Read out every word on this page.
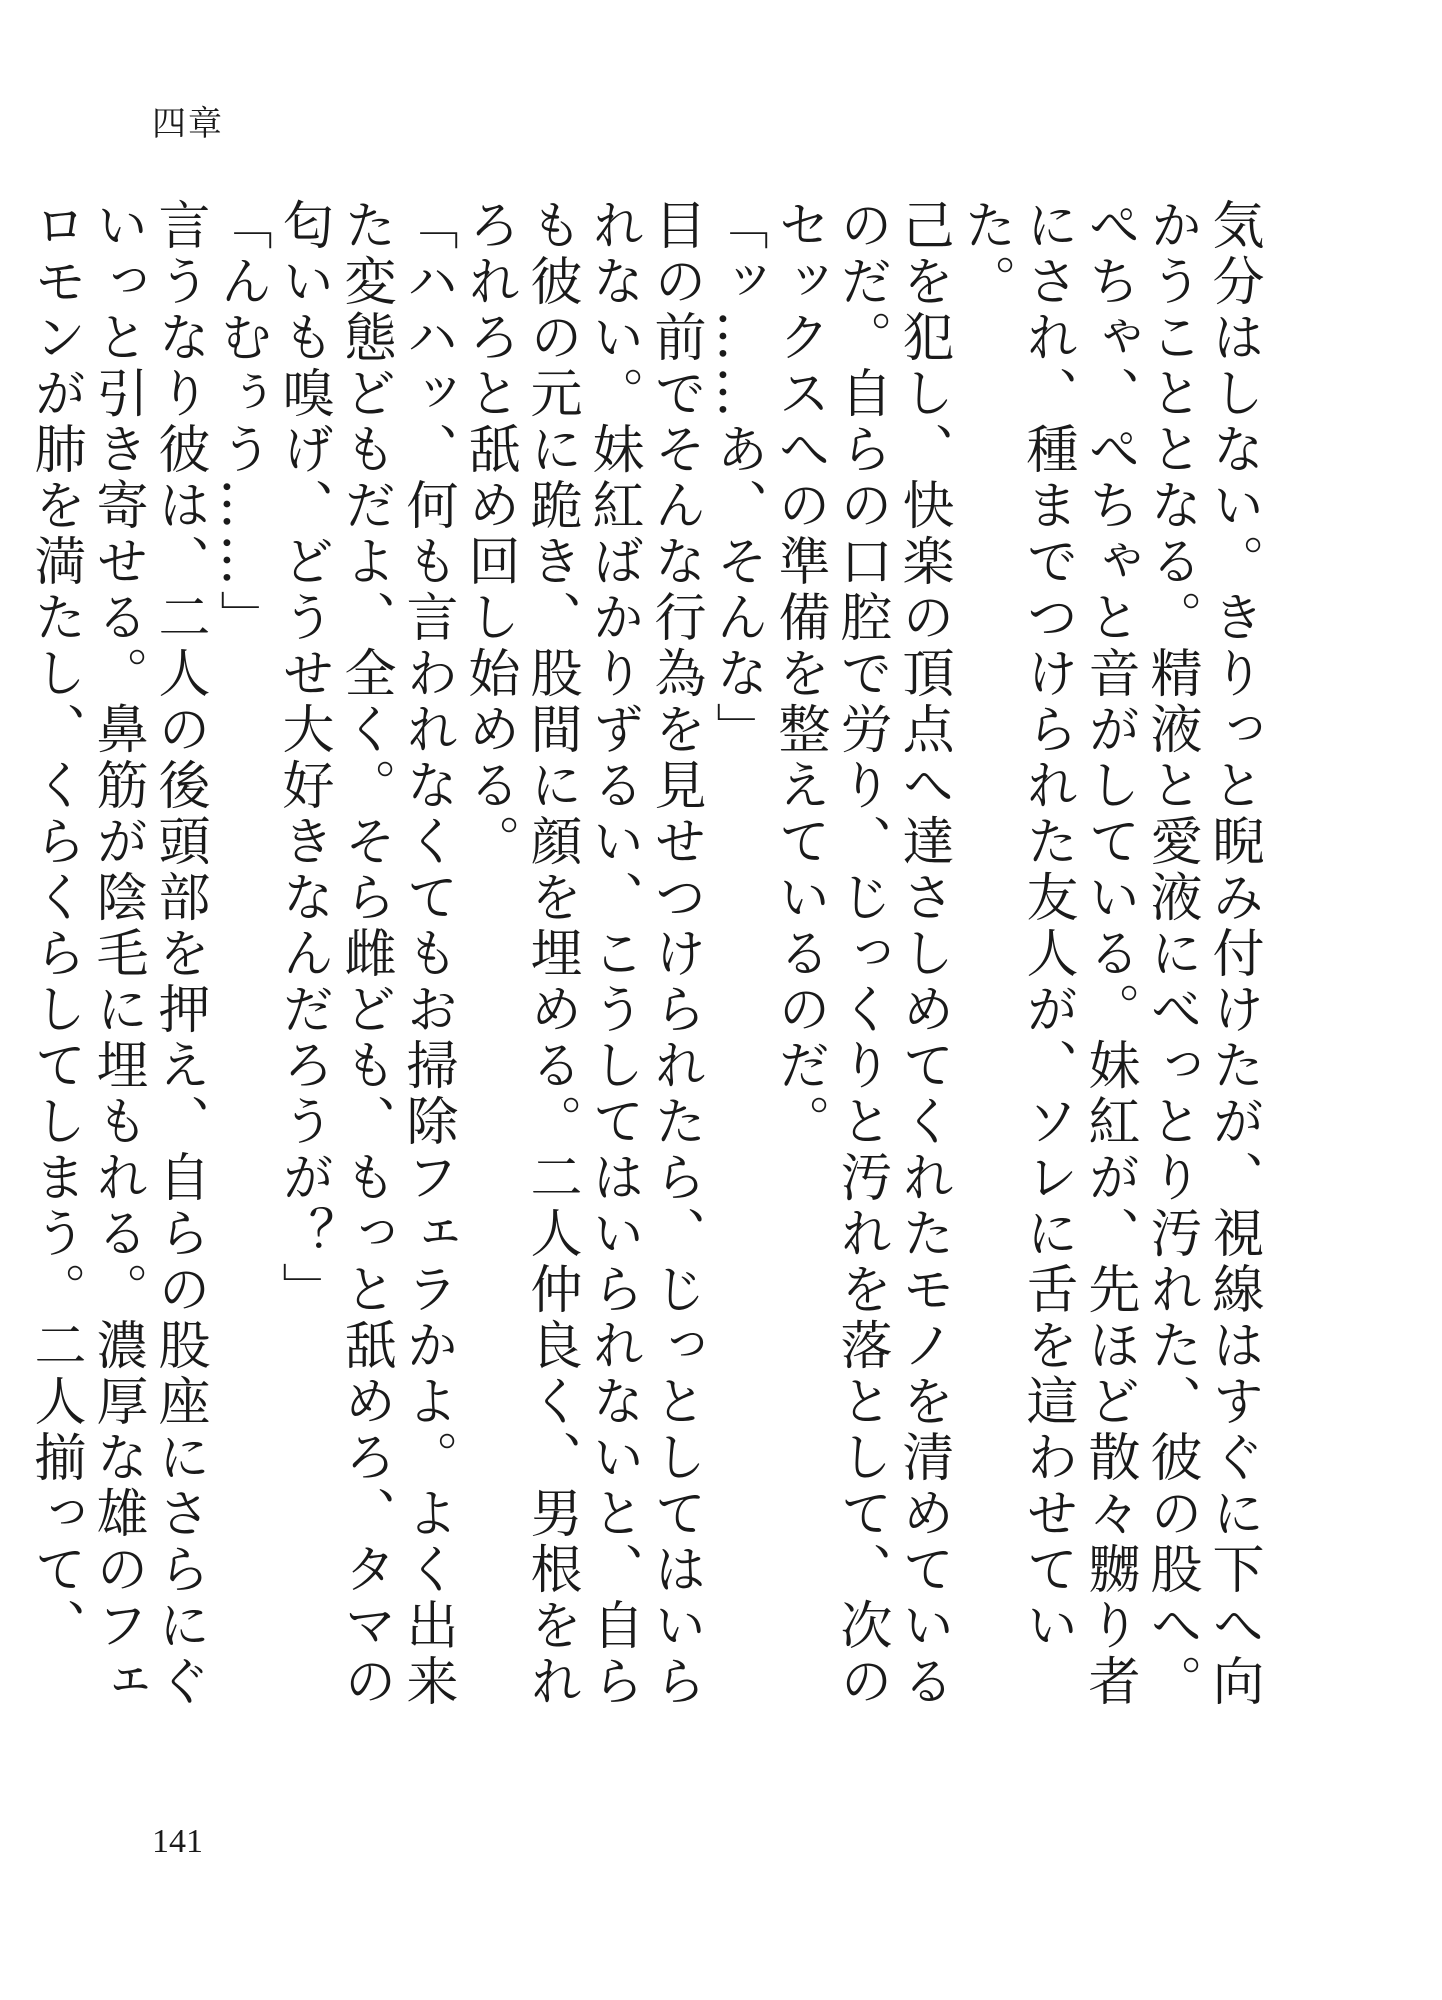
四章

気分はしない。きりっと睨み付けたが、視線はすぐに下へ向かうこととなる。精液と愛液にべっとり汚れた、彼の股へ。

ぺちゃ、ぺちゃと音がしている。妹紅が、先ほど散々嬲り者にされ、種までつけられた友人が、ソレに舌を這わせていた。

己を犯し、快楽の頂点へ達さしめてくれたモノを清めているのだ。自らの口腔で労り、じっくりと汚れを落として、次のセックスへの準備を整えているのだ。

「ッ……あ、そんな」

目の前でそんな行為を見せつけられたら、じっとしてはいられない。妹紅ばかりずるい、こうしてはいられないと、自らも彼の元に跪き、股間に顔を埋める。二人仲良く、男根をれろれろと舐め回し始める。

「ハハッ、何も言われなくてもお掃除フェラかよ。よく出来た変態どもだよ、全く。そら雌ども、もっと舐めろ、タマの匂いも嗅げ、どうせ大好きなんだろうが？」

「んむぅう……」

言うなり彼は、二人の後頭部を押え、自らの股座にさらにぐいっと引き寄せる。鼻筋が陰毛に埋もれる。濃厚な雄のフェロモンが肺を満たし、くらくらしてしまう。二人揃って、

141
